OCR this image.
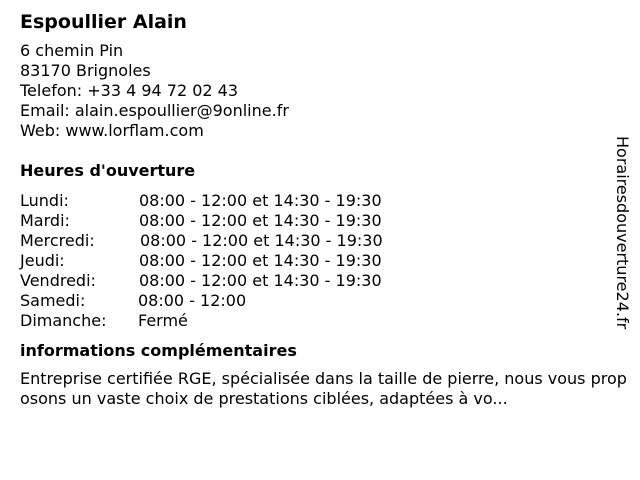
Espoullier Alain
6 chemin Pin
83170 Brignoles
Telefon: +33 4 94 72 02 43
Email: alain.espoullier@9online.fr
Web: www.lorflam.com
Heures d'ouverture
Lundi:	08:00 - 12:00 et 14:30 - 19:30
Mardi:	08:00 - 12:00 et 14:30 - 19:30
Mercredi:	08:00 - 12:00 et 14:30 - 19:30
Jeudi:	08:00 - 12:00 et 14:30 - 19:30
Vendredi:	08:00 - 12:00 et 14:30 - 19:30
Samedi:	08:00 - 12:00
Dimanche: Fermé
informations complémentaires
Entreprise certifiée RGE, spécialisée dans la taille de pierre, nous vous proposons un vaste choix de prestations ciblées, adaptées à vo...
Horairesdouverture24.fr
